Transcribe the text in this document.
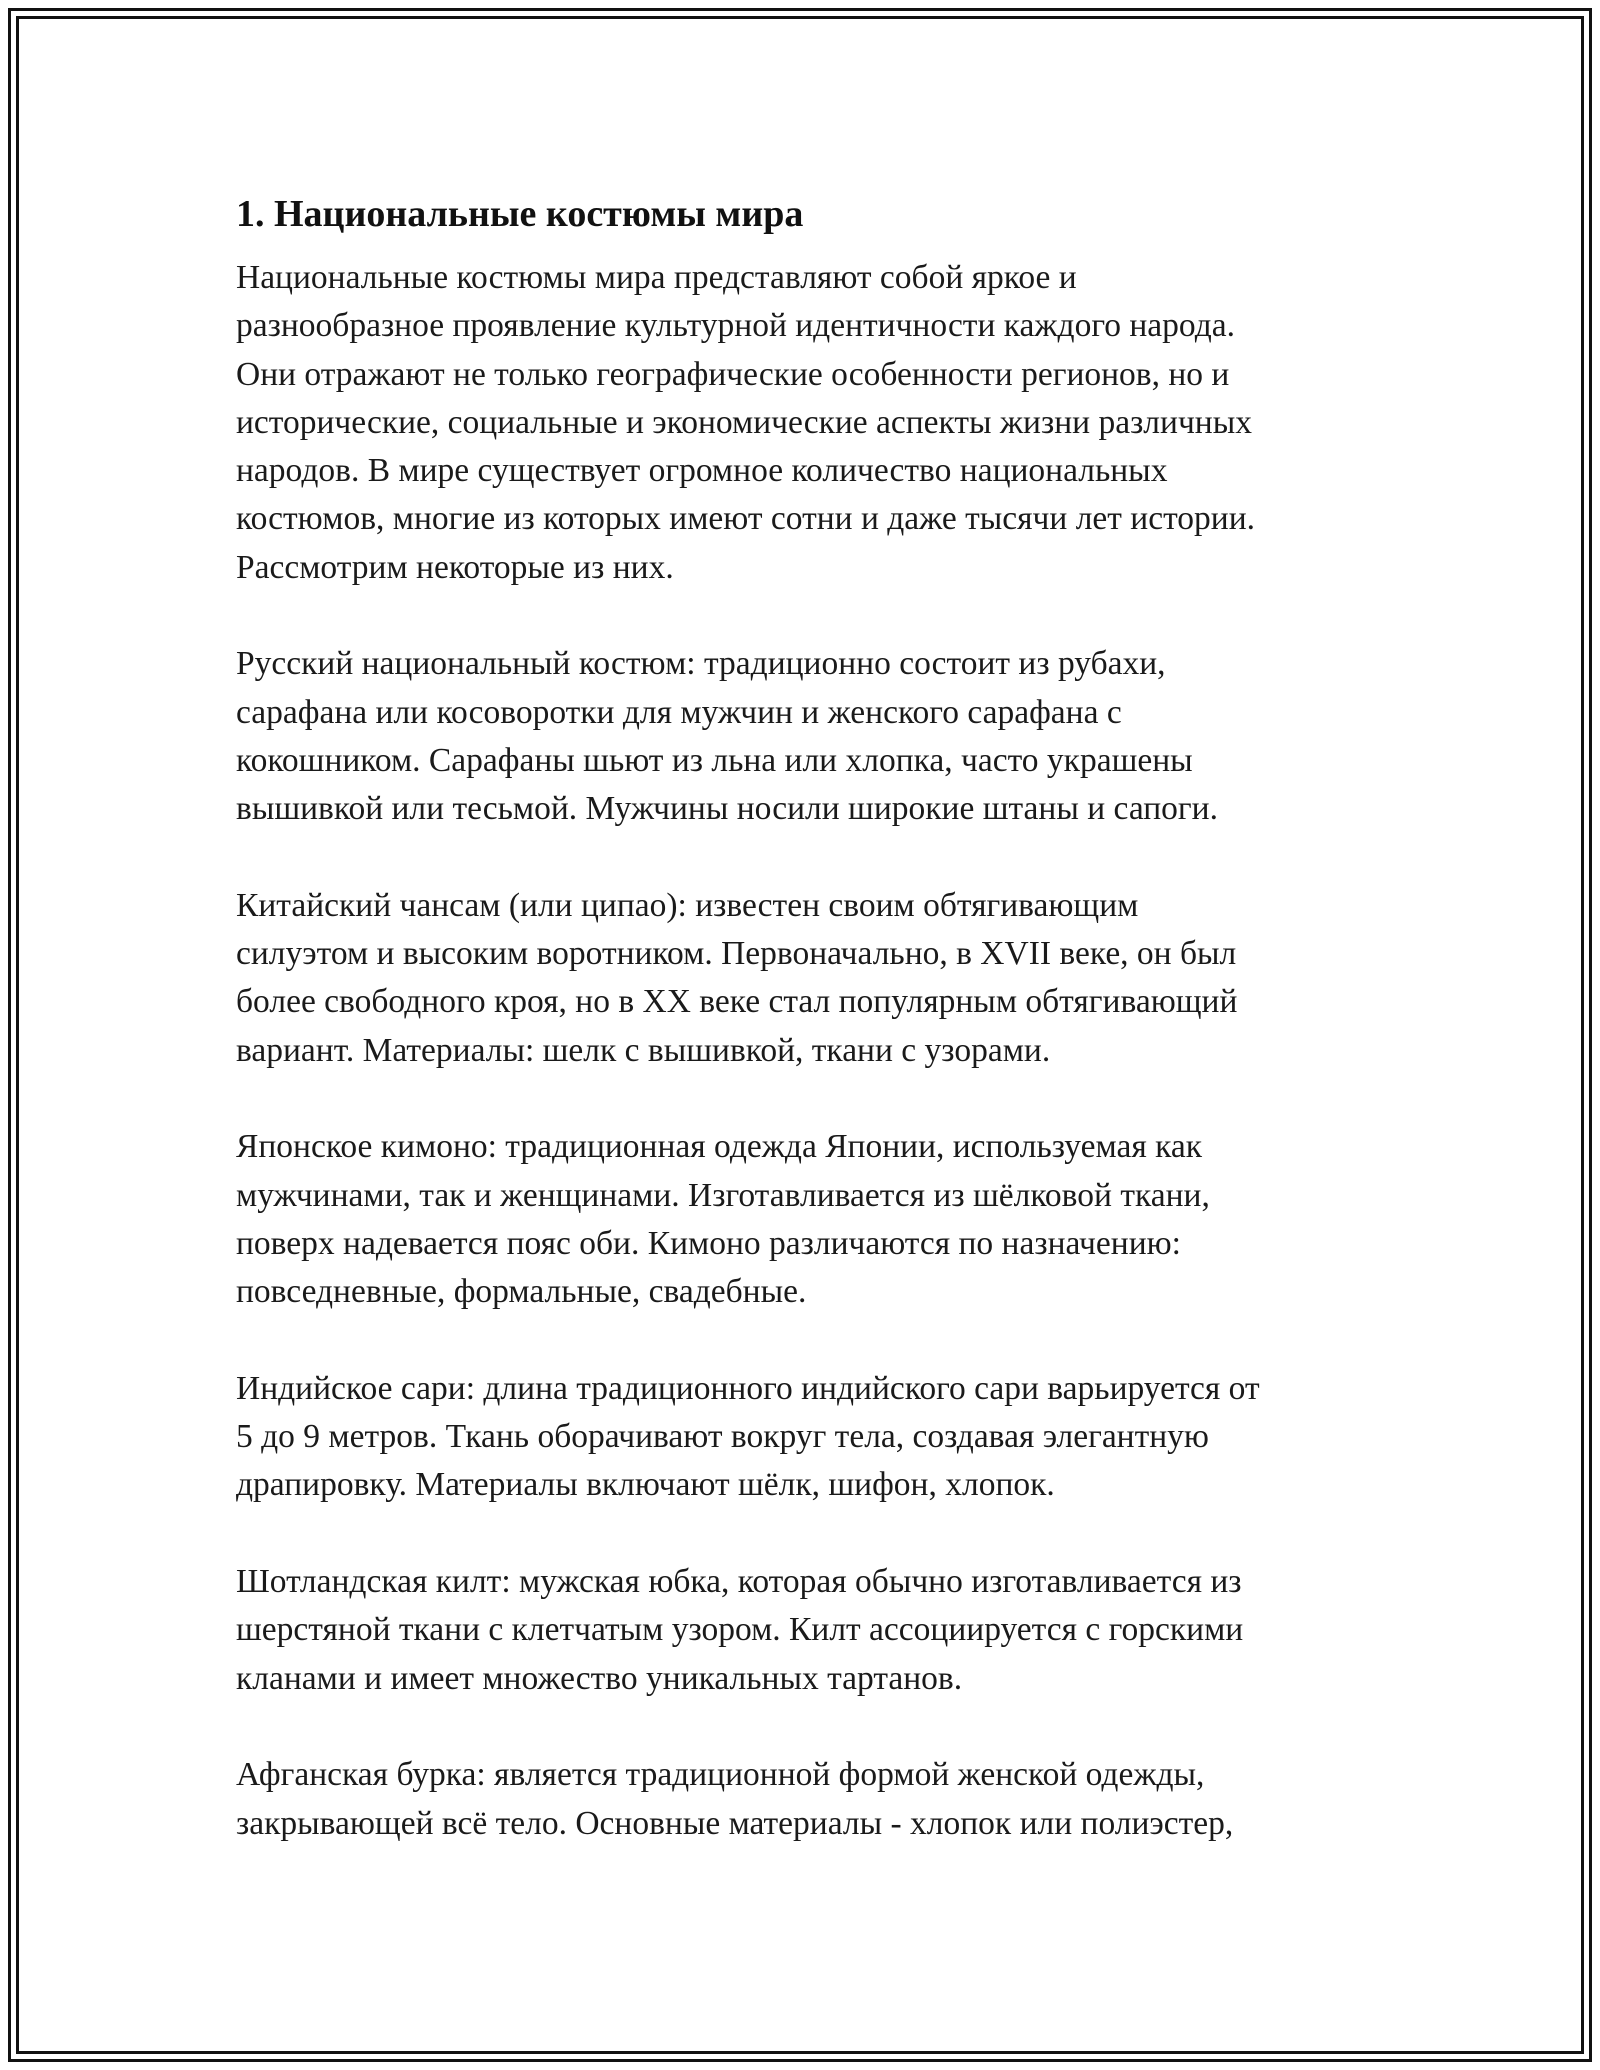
1. Национальные костюмы мира
Национальные костюмы мира представляют собой яркое и
разнообразное проявление культурной идентичности каждого народа.
Они отражают не только географические особенности регионов, но и
исторические, социальные и экономические аспекты жизни различных
народов. В мире существует огромное количество национальных
костюмов, многие из которых имеют сотни и даже тысячи лет истории.
Рассмотрим некоторые из них.
Русский национальный костюм: традиционно состоит из рубахи,
сарафана или косоворотки для мужчин и женского сарафана с
кокошником. Сарафаны шьют из льна или хлопка, часто украшены
вышивкой или тесьмой. Мужчины носили широкие штаны и сапоги.
Китайский чансам (или ципао): известен своим обтягивающим
силуэтом и высоким воротником. Первоначально, в XVII веке, он был
более свободного кроя, но в XX веке стал популярным обтягивающий
вариант. Материалы: шелк с вышивкой, ткани с узорами.
Японское кимоно: традиционная одежда Японии, используемая как
мужчинами, так и женщинами. Изготавливается из шёлковой ткани,
поверх надевается пояс оби. Кимоно различаются по назначению:
повседневные, формальные, свадебные.
Индийское сари: длина традиционного индийского сари варьируется от
5 до 9 метров. Ткань оборачивают вокруг тела, создавая элегантную
драпировку. Материалы включают шёлк, шифон, хлопок.
Шотландская килт: мужская юбка, которая обычно изготавливается из
шерстяной ткани с клетчатым узором. Килт ассоциируется с горскими
кланами и имеет множество уникальных тартанов.
Афганская бурка: является традиционной формой женской одежды,
закрывающей всё тело. Основные материалы - хлопок или полиэстер,
